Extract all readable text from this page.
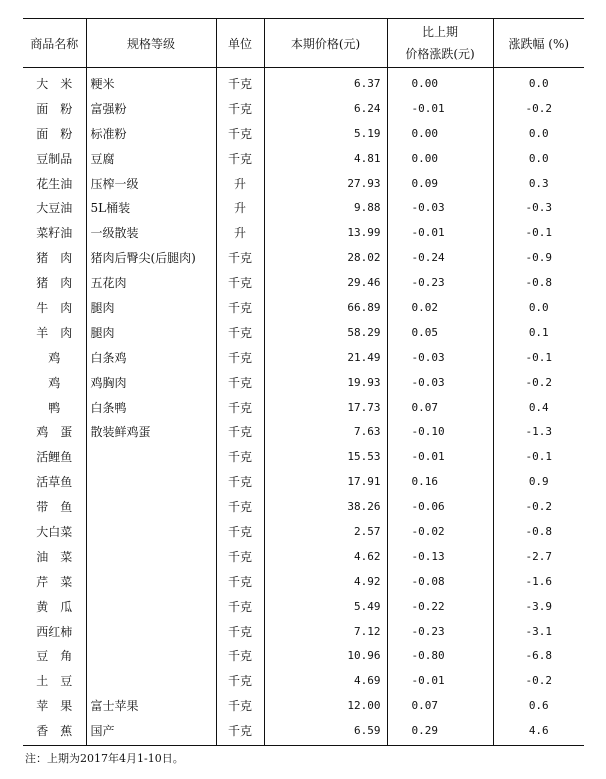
商品名称	规格等级	单位	本期价格(元)	比上期
价格涨跌(元)	涨跌幅 (%)
大　米	粳米	千克	6.37	0.00	0.0
面　粉	富强粉	千克	6.24	-0.01	-0.2
面　粉	标准粉	千克	5.19	0.00	0.0
豆制品	豆腐	千克	4.81	0.00	0.0
花生油	压榨一级	升	27.93	0.09	0.3
大豆油	5L桶装	升	9.88	-0.03	-0.3
菜籽油	一级散装	升	13.99	-0.01	-0.1
猪　肉	猪肉后臀尖(后腿肉)	千克	28.02	-0.24	-0.9
猪　肉	五花肉	千克	29.46	-0.23	-0.8
牛　肉	腿肉	千克	66.89	0.02	0.0
羊　肉	腿肉	千克	58.29	0.05	0.1
鸡	白条鸡	千克	21.49	-0.03	-0.1
鸡	鸡胸肉	千克	19.93	-0.03	-0.2
鸭	白条鸭	千克	17.73	0.07	0.4
鸡　蛋	散装鲜鸡蛋	千克	7.63	-0.10	-1.3
活鲤鱼		千克	15.53	-0.01	-0.1
活草鱼		千克	17.91	0.16	0.9
带　鱼		千克	38.26	-0.06	-0.2
大白菜		千克	2.57	-0.02	-0.8
油　菜		千克	4.62	-0.13	-2.7
芹　菜		千克	4.92	-0.08	-1.6
黄　瓜		千克	5.49	-0.22	-3.9
西红柿		千克	7.12	-0.23	-3.1
豆　角		千克	10.96	-0.80	-6.8
土　豆		千克	4.69	-0.01	-0.2
苹　果	富士苹果	千克	12.00	0.07	0.6
香　蕉	国产	千克	6.59	0.29	4.6
注：上期为2017年4月1-10日。
